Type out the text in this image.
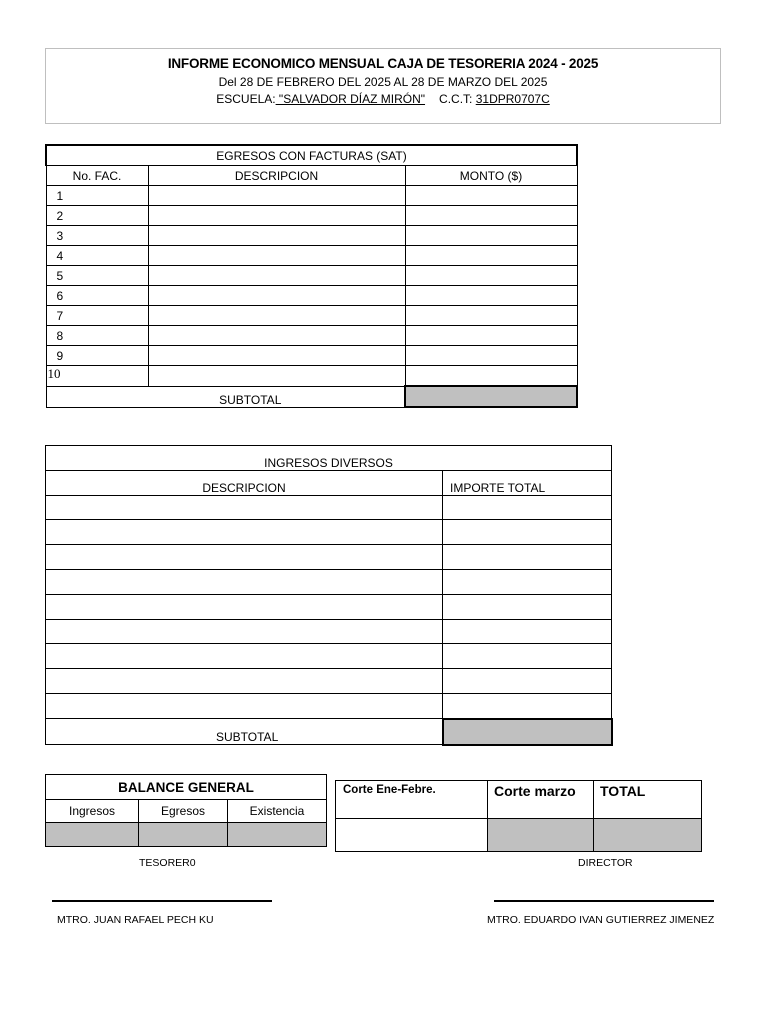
INFORME ECONOMICO MENSUAL CAJA DE TESORERIA 2024 - 2025
Del 28 DE FEBRERO DEL 2025 AL 28 DE MARZO DEL 2025
ESCUELA: "SALVADOR DÍAZ MIRÓN" C.C.T: 31DPR0707C
EGRESOS CON FACTURAS (SAT)		
No. FAC.	DESCRIPCION	MONTO ($)
1		
2		
3		
4		
5		
6		
7		
8		
9		
10		
SUBTOTAL		
INGRESOS DIVERSOS	
DESCRIPCION	IMPORTE TOTAL

SUBTOTAL	
BALANCE GENERAL		
Ingresos	Egresos	Existencia

Corte Ene-Febre.	Corte marzo	TOTAL

TESORER0	DIRECTOR
MTRO. JUAN RAFAEL PECH KU	MTRO. EDUARDO IVAN GUTIERREZ JIMENEZ
